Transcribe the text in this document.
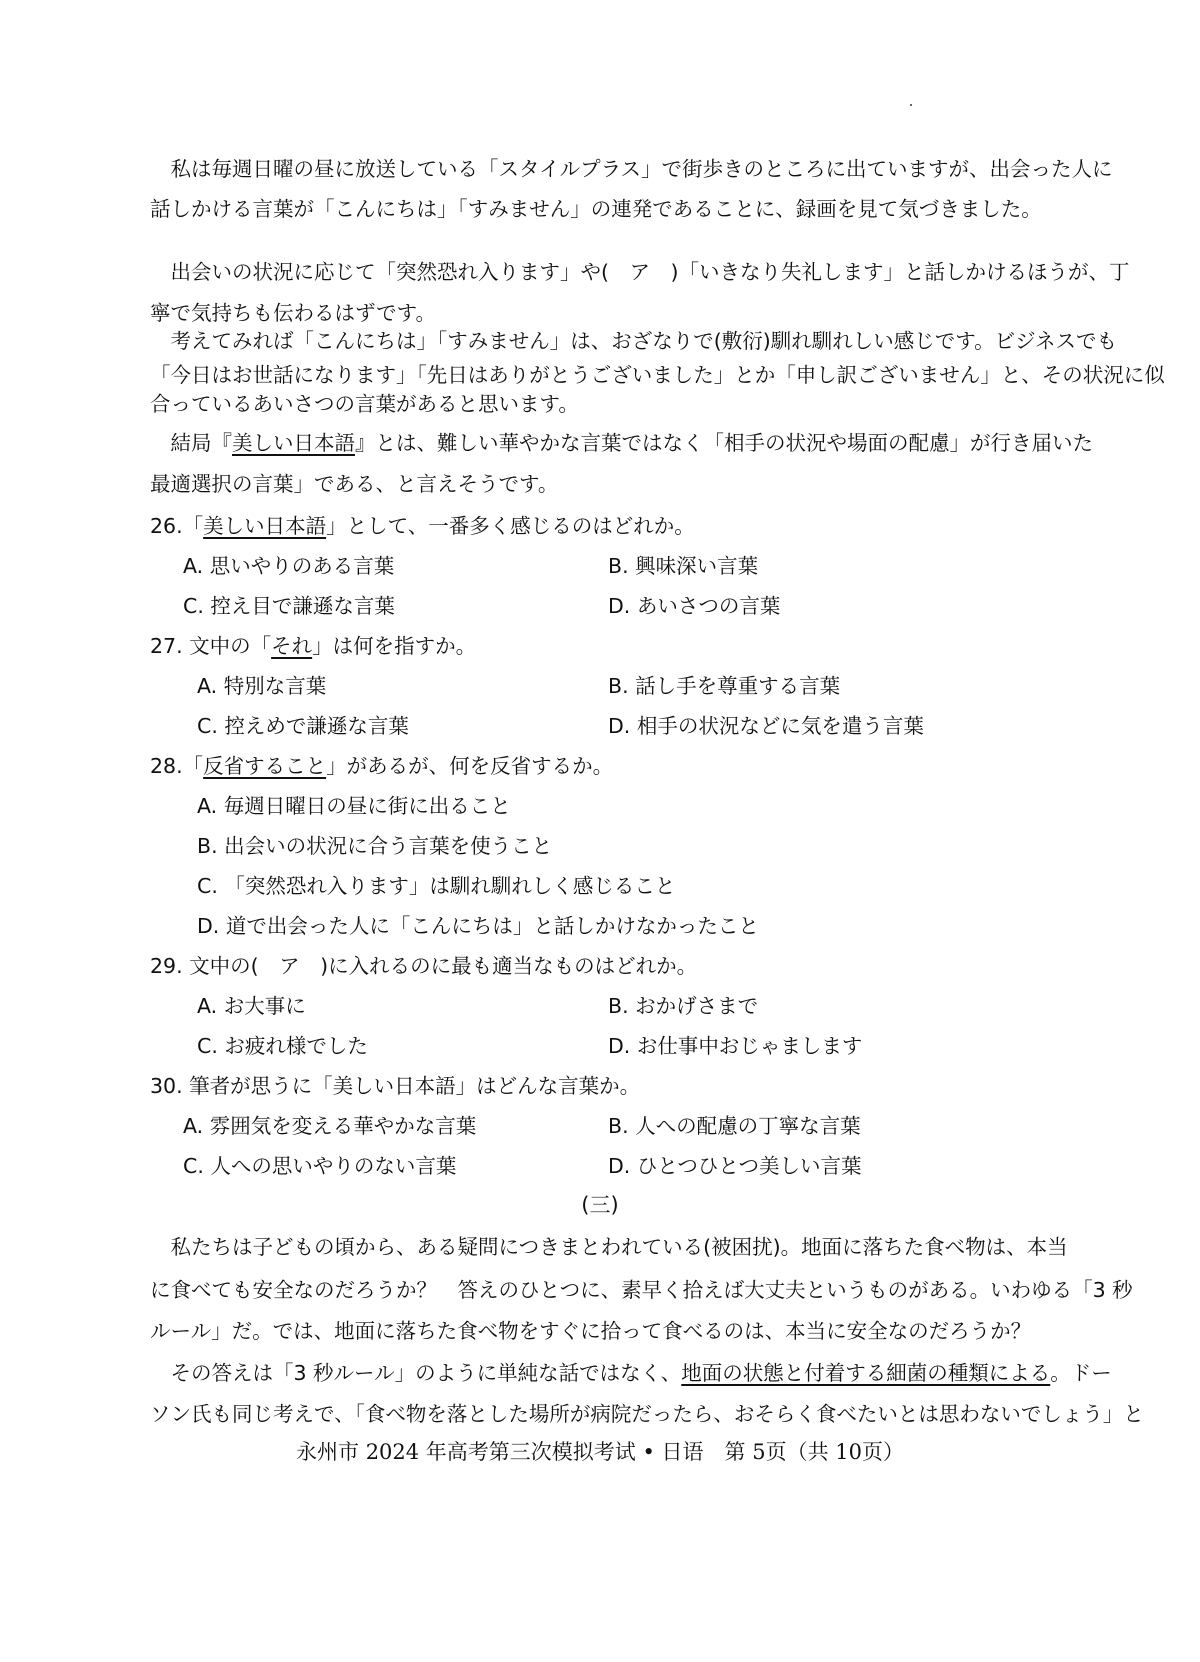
　私は毎週日曜の昼に放送している「スタイルプラス」で街歩きのところに出ていますが、出会った人に
話しかける言葉が「こんにちは」「すみません」の連発であることに、録画を見て気づきました。
　出会いの状況に応じて「突然恐れ入ります」や(　ア　)「いきなり失礼します」と話しかけるほうが、丁
寧で気持ちも伝わるはずです。
　考えてみれば「こんにちは」「すみません」は、おざなりで(敷衍)馴れ馴れしい感じです。ビジネスでも
「今日はお世話になります」「先日はありがとうございました」とか「申し訳ございません」と、その状況に似
合っているあいさつの言葉があると思います。
　結局『美しい日本語』とは、難しい華やかな言葉ではなく「相手の状況や場面の配慮」が行き届いた
最適選択の言葉」である、と言えそうです。
26.「美しい日本語」として、一番多く感じるのはどれか。
A. 思いやりのある言葉	B. 興味深い言葉
C. 控え目で謙遜な言葉	D. あいさつの言葉
27. 文中の「それ」は何を指すか。
A. 特別な言葉	B. 話し手を尊重する言葉
C. 控えめで謙遜な言葉	D. 相手の状況などに気を遣う言葉
28.「反省すること」があるが、何を反省するか。
A. 毎週日曜日の昼に街に出ること
B. 出会いの状況に合う言葉を使うこと
C. 「突然恐れ入ります」は馴れ馴れしく感じること
D. 道で出会った人に「こんにちは」と話しかけなかったこと
29. 文中の(　ア　)に入れるのに最も適当なものはどれか。
A. お大事に	B. おかげさまで
C. お疲れ様でした	D. お仕事中おじゃまします
30. 筆者が思うに「美しい日本語」はどんな言葉か。
A. 雰囲気を変える華やかな言葉	B. 人への配慮の丁寧な言葉
C. 人への思いやりのない言葉	D. ひとつひとつ美しい言葉
(三)
　私たちは子どもの頃から、ある疑問につきまとわれている(被困扰)。地面に落ちた食べ物は、本当
に食べても安全なのだろうか？　答えのひとつに、素早く拾えば大丈夫というものがある。いわゆる「3 秒
ルール」だ。では、地面に落ちた食べ物をすぐに拾って食べるのは、本当に安全なのだろうか？
　その答えは「3 秒ルール」のように単純な話ではなく、地面の状態と付着する細菌の種類による。ドー
ソン氏も同じ考えで、「食べ物を落とした場所が病院だったら、おそらく食べたいとは思わないでしょう」と
永州市 2024 年高考第三次模拟考试 • 日语　第 5页（共 10页）
